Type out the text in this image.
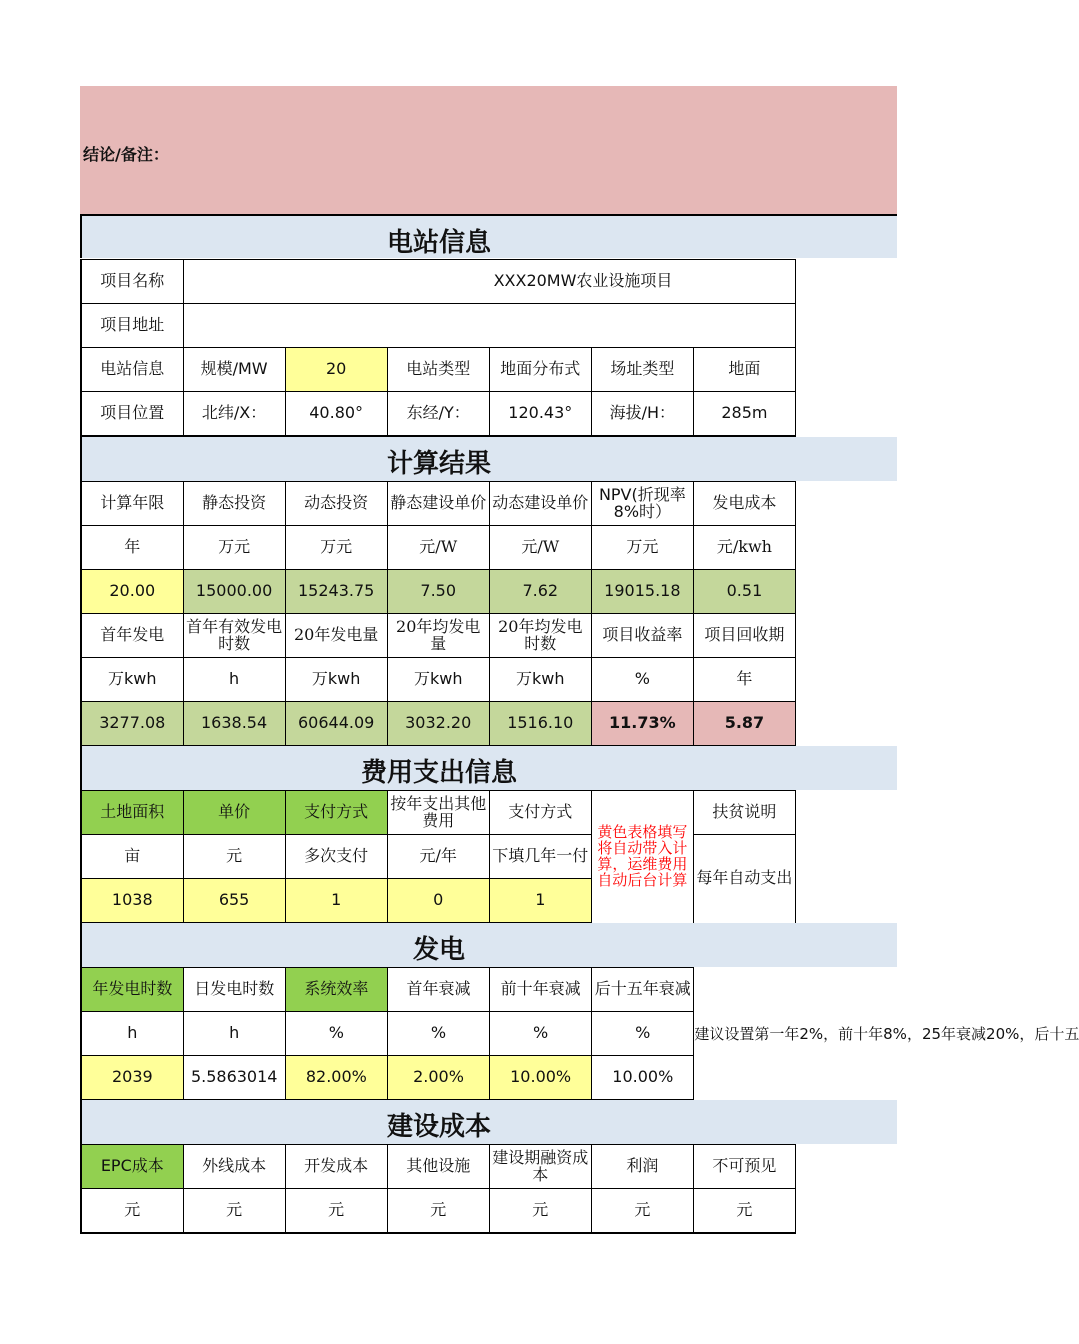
结论/备注：
电站信息
项目名称	XXX20MW农业设施项目					
项目地址						
电站信息	规模/MW	20	电站类型	地面分布式	场址类型	地面
项目位置	北纬/X：	40.80°	东经/Y：	120.43°	海拔/H：	285m
计算结果
计算年限	静态投资	动态投资	静态建设单价	动态建设单价	NPV(折现率8%时）	发电成本
年	万元	万元	元/W	元/W	万元	元/kwh
20.00	15000.00	15243.75	7.50	7.62	19015.18	0.51
首年发电	首年有效发电时数	20年发电量	20年均发电量	20年均发电时数	项目收益率	项目回收期
万kwh	h	万kwh	万kwh	万kwh	%	年
3277.08	1638.54	60644.09	3032.20	1516.10	11.73%	5.87
费用支出信息
土地面积	单价	支付方式	按年支出其他费用	支付方式	黄色表格填写将自动带入计算，运维费用自动后台计算	扶贫说明
亩	元	多次支付	元/年	下填几年一付		每年自动支出
1038	655	1	0	1		
发电
年发电时数	日发电时数	系统效率	首年衰减	前十年衰减	后十五年衰减	建议设置第一年2%，前十年8%，25年衰减20%，后十五

h	h	%	%	%	%	
2039	5.5863014	82.00%	2.00%	10.00%	10.00%	
建设成本
EPC成本	外线成本	开发成本	其他设施	建设期融资成本	利润	不可预见
元	元	元	元	元	元	元
